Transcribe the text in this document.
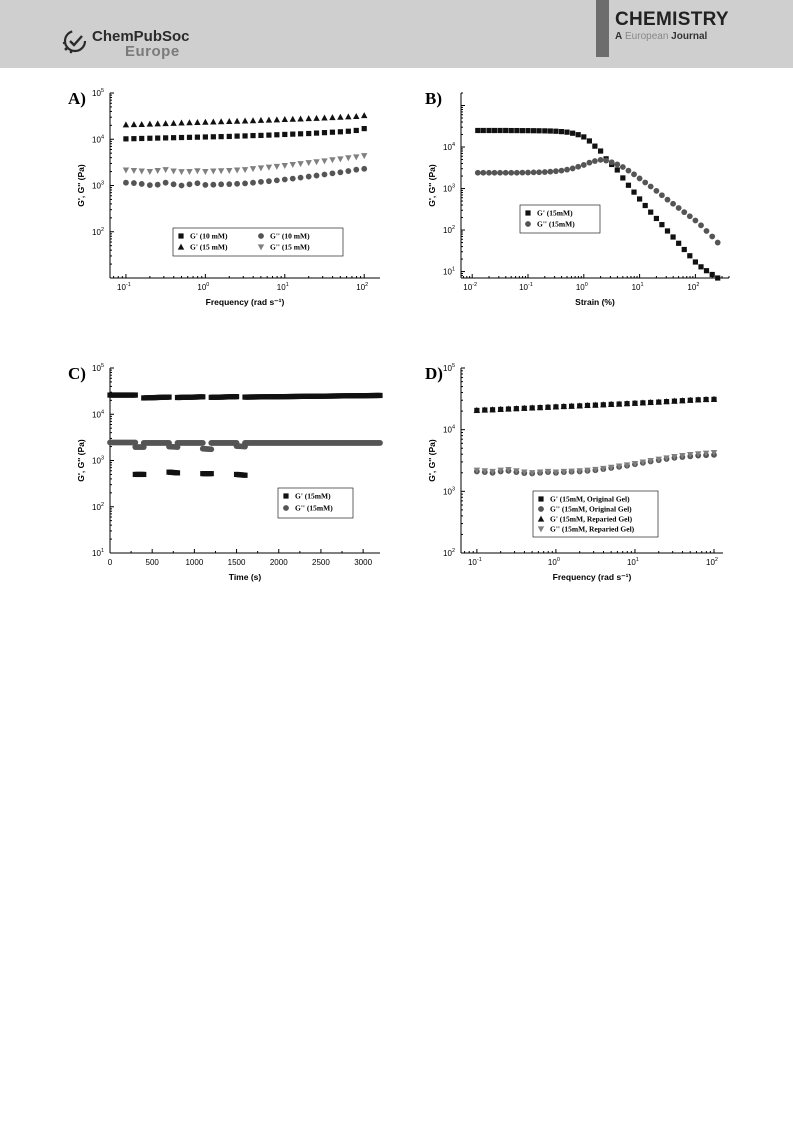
ChemPubSoc
Europe
CHEMISTRY
A European Journal
A)
$10^2$
$10^3$
$10^4$
$10^5$
$10^{-1}$	$10^0$	$10^1$	$10^2$
Frequency (rad s⁻¹)
G', G'' (Pa)
G' (10 mM)	G'' (10 mM)
G' (15 mM)	G'' (15 mM)
B)
$10^1$
$10^2$
$10^3$
$10^4$
$10^{-2}$	$10^{-1}$	$10^0$	$10^1$	$10^2$
Strain (%)
G', G'' (Pa)
G' (15mM)
G'' (15mM)
C)
$10^1$
$10^2$
$10^3$
$10^4$
$10^5$
0	500	1000	1500	2000	2500	3000
Time (s)
G', G'' (Pa)
G' (15mM)
G'' (15mM)
D)
$10^2$
$10^3$
$10^4$
$10^5$
$10^{-1}$	$10^0$	$10^1$	$10^2$
Frequency (rad s⁻¹)
G', G'' (Pa)
G' (15mM, Original Gel)
G'' (15mM, Original Gel)
G' (15mM, Reparied Gel)
G'' (15mM, Reparied Gel)
